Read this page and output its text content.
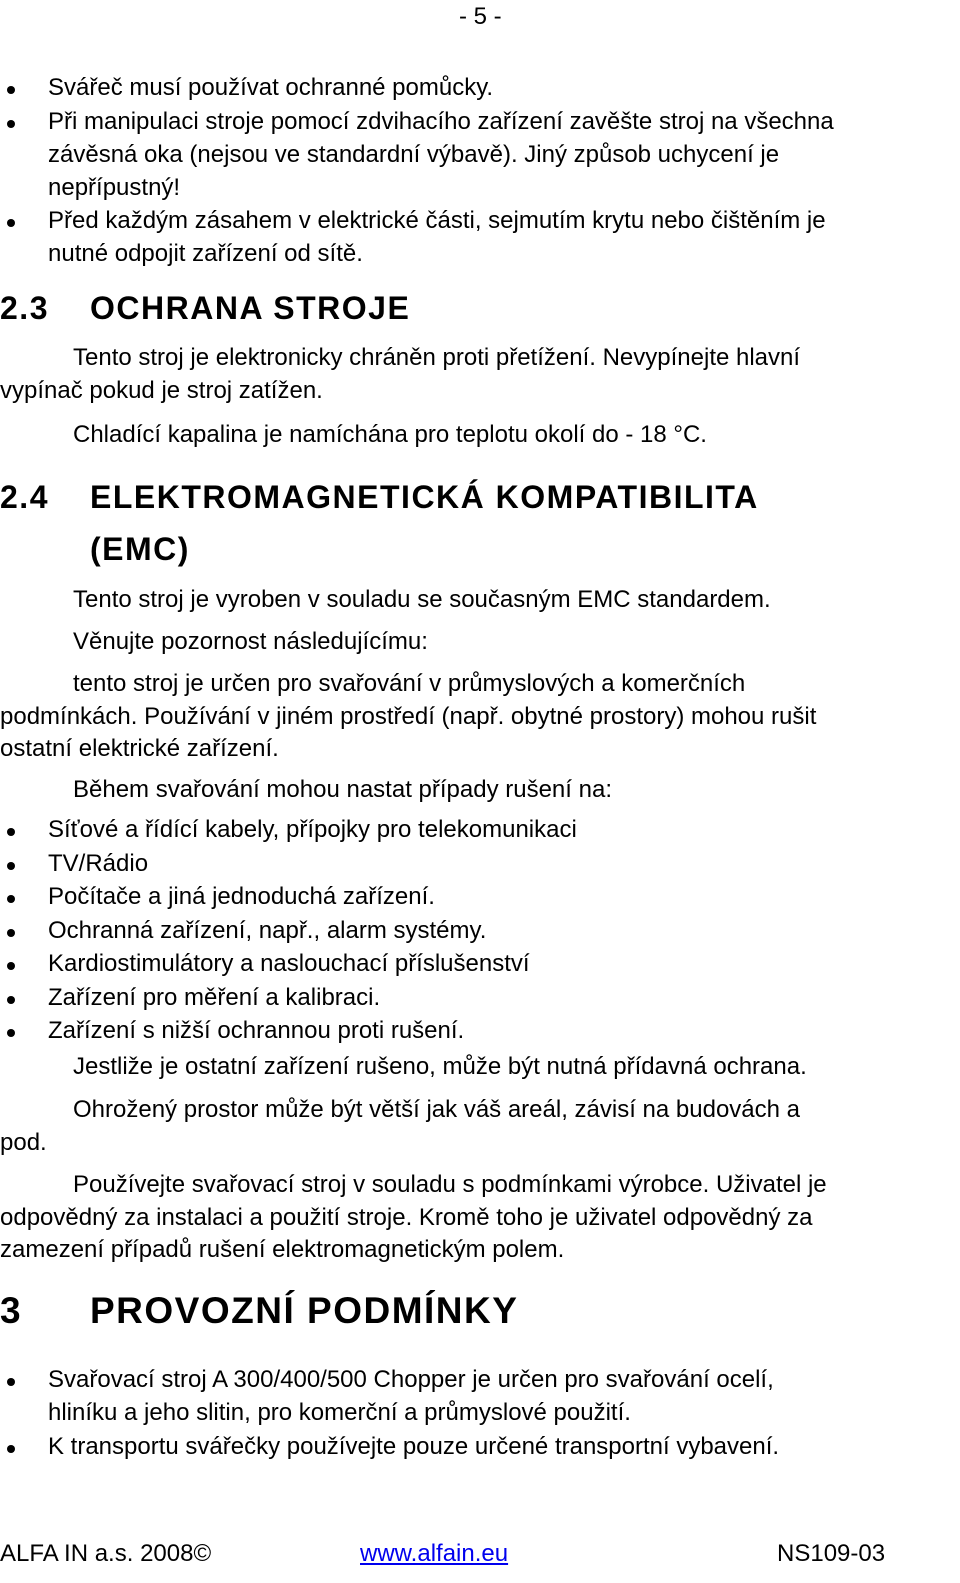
- 5 -
Svářeč musí používat ochranné pomůcky.
Při manipulaci stroje pomocí zdvihacího zařízení zavěšte stroj na všechna
závěsná oka (nejsou ve standardní výbavě). Jiný způsob uchycení je
nepřípustný!
Před každým zásahem v elektrické části, sejmutím krytu nebo čištěním je
nutné odpojit zařízení od sítě.
2.3 OCHRANA STROJE
Tento stroj je elektronicky chráněn proti přetížení. Nevypínejte hlavní
vypínač pokud je stroj zatížen.
Chladící kapalina je namíchána pro teplotu okolí do - 18 °C.
2.4 ELEKTROMAGNETICKÁ KOMPATIBILITA
(EMC)
Tento stroj je vyroben v souladu se současným EMC standardem.
Věnujte pozornost následujícímu:
tento stroj je určen pro svařování v průmyslových a komerčních
podmínkách. Používání v jiném prostředí (např. obytné prostory) mohou rušit
ostatní elektrické zařízení.
Během svařování mohou nastat případy rušení na:
Síťové a řídící kabely, přípojky pro telekomunikaci
TV/Rádio
Počítače a jiná jednoduchá zařízení.
Ochranná zařízení, např., alarm systémy.
Kardiostimulátory a naslouchací příslušenství
Zařízení pro měření a kalibraci.
Zařízení s nižší ochrannou proti rušení.
Jestliže je ostatní zařízení rušeno, může být nutná přídavná ochrana.
Ohrožený prostor může být větší jak váš areál, závisí na budovách a
pod.
Používejte svařovací stroj v souladu s podmínkami výrobce. Uživatel je
odpovědný za instalaci a použití stroje. Kromě toho je uživatel odpovědný za
zamezení případů rušení elektromagnetickým polem.
3 PROVOZNÍ PODMÍNKY
Svařovací stroj A 300/400/500 Chopper je určen pro svařování ocelí,
hliníku a jeho slitin, pro komerční a průmyslové použití.
K transportu svářečky používejte pouze určené transportní vybavení.
ALFA IN a.s. 2008©	www.alfain.eu	NS109-03
